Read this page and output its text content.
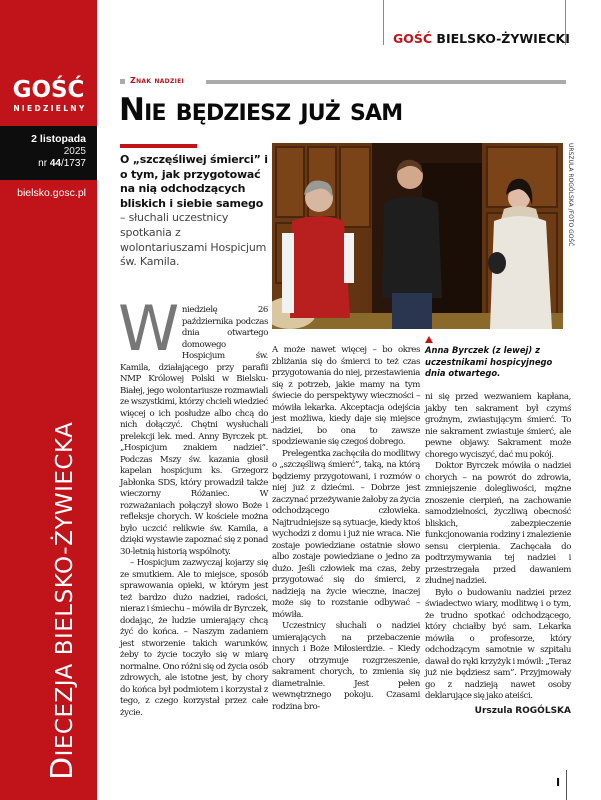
GOŚĆ
NIEDZIELNY
2 listopada
2025
nr 44/1737
bielsko.gosc.pl
DIECEZJA BIELSKO-ŻYWIECKA
GOŚĆ BIELSKO-ŻYWIECKI
Znak nadziei
Nie będziesz już sam
O „szczęśliwej śmierci” i o tym, jak przygotować na nią odchodzących bliskich i siebie samego – słuchali uczestnicy spotkania z wolontariuszami Hospicjum św. Kamila.
URSZULA ROGÓLSKA /FOTO GOŚĆ
Anna Byrczek (z lewej) z uczestnikami hospicyjnego dnia otwartego.

Wniedzielę 26 października podczas dnia otwartego domowego Hospicjum św. Kamila, działającego przy parafii NMP Królowej Polski w Bielsku-Białej, jego wolontariusze rozmawiali ze wszystkimi, którzy chcieli wiedzieć więcej o ich posłudze albo chcą do nich dołączyć. Chętni wysłuchali prelekcji lek. med. Anny Byrczek pt. „Hospicjum znakiem nadziei”. Podczas Mszy św. kazania głosił kapelan hospicjum ks. Grzegorz Jabłonka SDS, który prowadził także wieczorny Różaniec. W rozważaniach połączył słowo Boże i refleksje chorych. W kościele można było uczcić relikwie św. Kamila, a dzięki wystawie zapoznać się z ponad 30-letnią historią wspólnoty.

– Hospicjum zazwyczaj kojarzy się ze smutkiem. Ale to miejsce, sposób sprawowania opieki, w którym jest też bardzo dużo nadziei, radości, nieraz i śmiechu – mówiła dr Byrczek, dodając, że ludzie umierający chcą żyć do końca. – Naszym zadaniem jest stworzenie takich warunków, żeby to życie toczyło się w miarę normalne. Ono różni się od życia osób zdrowych, ale istotne jest, by chory do końca był podmiotem i korzystał z tego, z czego korzystał przez całe życie.

A może nawet więcej – bo okres zbliżania się do śmierci to też czas przygotowania do niej, przestawienia się z potrzeb, jakie mamy na tym świecie do perspektywy wieczności – mówiła lekarka. Akceptacja odejścia jest możliwa, kiedy daje się miejsce nadziei, bo ona to zawsze spodziewanie się czegoś dobrego.

Prelegentka zachęciła do modlitwy o „szczęśliwą śmierć”, taką, na którą będziemy przygotowani, i rozmów o niej już z dziećmi. – Dobrze jest zaczynać przeżywanie żałoby za życia odchodzącego człowieka. Najtrudniejsze są sytuacje, kiedy ktoś wychodzi z domu i już nie wraca. Nie zostaje powiedziane ostatnie słowo albo zostaje powiedziane o jedno za dużo. Jeśli człowiek ma czas, żeby przygotować się do śmierci, z nadzieją na życie wieczne, inaczej może się to rozstanie odbywać – mówiła.

Uczestnicy słuchali o nadziei umierających na przebaczenie innych i Boże Miłosierdzie. – Kiedy chory otrzymuje rozgrzeszenie, sakrament chorych, to zmienia się diametralnie. Jest pełen wewnętrznego pokoju. Czasami rodzina bro-

ni się przed wezwaniem kapłana, jakby ten sakrament był czymś groźnym, zwiastującym śmierć. To nie sakrament zwiastuje śmierć, ale pewne objawy. Sakrament może chorego wyciszyć, dać mu pokój.

Doktor Byrczek mówiła o nadziei chorych – na powrót do zdrowia, zmniejszenie dolegliwości, mężne znoszenie cierpień, na zachowanie samodzielności, życzliwą obecność bliskich, zabezpieczenie funkcjonowania rodziny i znalezienie sensu cierpienia. Zachęcała do podtrzymywania tej nadziei i przestrzegała przed dawaniem złudnej nadziei.

Było o budowaniu nadziei przez świadectwo wiary, modlitwę i o tym, że trudno spotkać odchodzącego, który chciałby być sam. Lekarka mówiła o profesorze, który odchodzącym samotnie w szpitalu dawał do ręki krzyżyk i mówił: „Teraz już nie będziesz sam”. Przyjmowały go z nadzieją nawet osoby deklarujące się jako ateiści.

Urszula ROGÓLSKA
I
